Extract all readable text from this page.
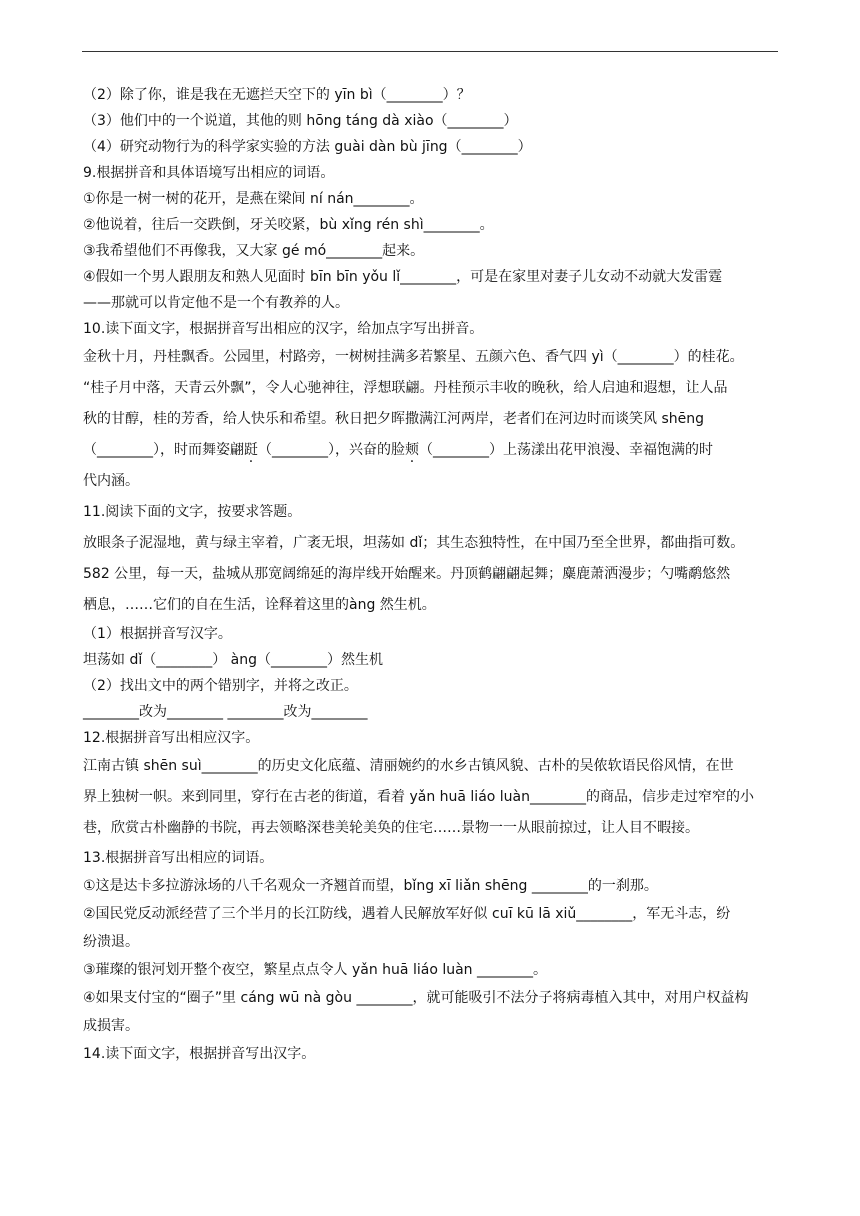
（2）除了你，谁是我在无遮拦天空下的 yīn bì（________）？
（3）他们中的一个说道，其他的则 hōng táng dà xiào（________）
（4）研究动物行为的科学家实验的方法 guài dàn bù jīng（________）
9.根据拼音和具体语境写出相应的词语。
①你是一树一树的花开，是燕在梁间 ní nán________。
②他说着，往后一交跌倒，牙关咬紧，bù xǐng rén shì________。
③我希望他们不再像我，又大家 gé mó________起来。
④假如一个男人跟朋友和熟人见面时 bīn bīn yǒu lǐ________，可是在家里对妻子儿女动不动就大发雷霆
——那就可以肯定他不是一个有教养的人。
10.读下面文字，根据拼音写出相应的汉字，给加点字写出拼音。
金秋十月，丹桂飘香。公园里，村路旁，一树树挂满多若繁星、五颜六色、香气四 yì（________）的桂花。
“桂子月中落，天青云外飘”，令人心驰神往，浮想联翩。丹桂预示丰收的晚秋，给人启迪和遐想，让人品
秋的甘醇，桂的芳香，给人快乐和希望。秋日把夕晖撒满江河两岸，老者们在河边时而谈笑风 shēng
（________），时而舞姿翩跹（________），兴奋的脸颊（________）上荡漾出花甲浪漫、幸福饱满的时
代内涵。
11.阅读下面的文字，按要求答题。
放眼条子泥湿地，黄与绿主宰着，广袤无垠，坦荡如 dǐ；其生态独特性，在中国乃至全世界，都曲指可数。
582 公里，每一天，盐城从那宽阔绵延的海岸线开始醒来。丹顶鹤翩翩起舞；麋鹿萧洒漫步；勺嘴鹬悠然
栖息，……它们的自在生活，诠释着这里的àng 然生机。
（1）根据拼音写汉字。
坦荡如 dǐ（________） àng（________）然生机
（2）找出文中的两个错别字，并将之改正。
________改为________ ________改为________
12.根据拼音写出相应汉字。
江南古镇 shēn suì________的历史文化底蕴、清丽婉约的水乡古镇风貌、古朴的吴侬软语民俗风情，在世
界上独树一帜。来到同里，穿行在古老的街道，看着 yǎn huā liáo luàn________的商品，信步走过窄窄的小
巷，欣赏古朴幽静的书院，再去领略深巷美轮美奂的住宅……景物一一从眼前掠过，让人目不暇接。
13.根据拼音写出相应的词语。
①这是达卡多拉游泳场的八千名观众一齐翘首而望，bǐng xī liǎn shēng ________的一刹那。
②国民党反动派经营了三个半月的长江防线，遇着人民解放军好似 cuī kū lā xiǔ________，军无斗志，纷
纷溃退。
③璀璨的银河划开整个夜空，繁星点点令人 yǎn huā liáo luàn ________。
④如果支付宝的“圈子”里 cáng wū nà gòu ________，就可能吸引不法分子将病毒植入其中，对用户权益构
成损害。
14.读下面文字，根据拼音写出汉字。
